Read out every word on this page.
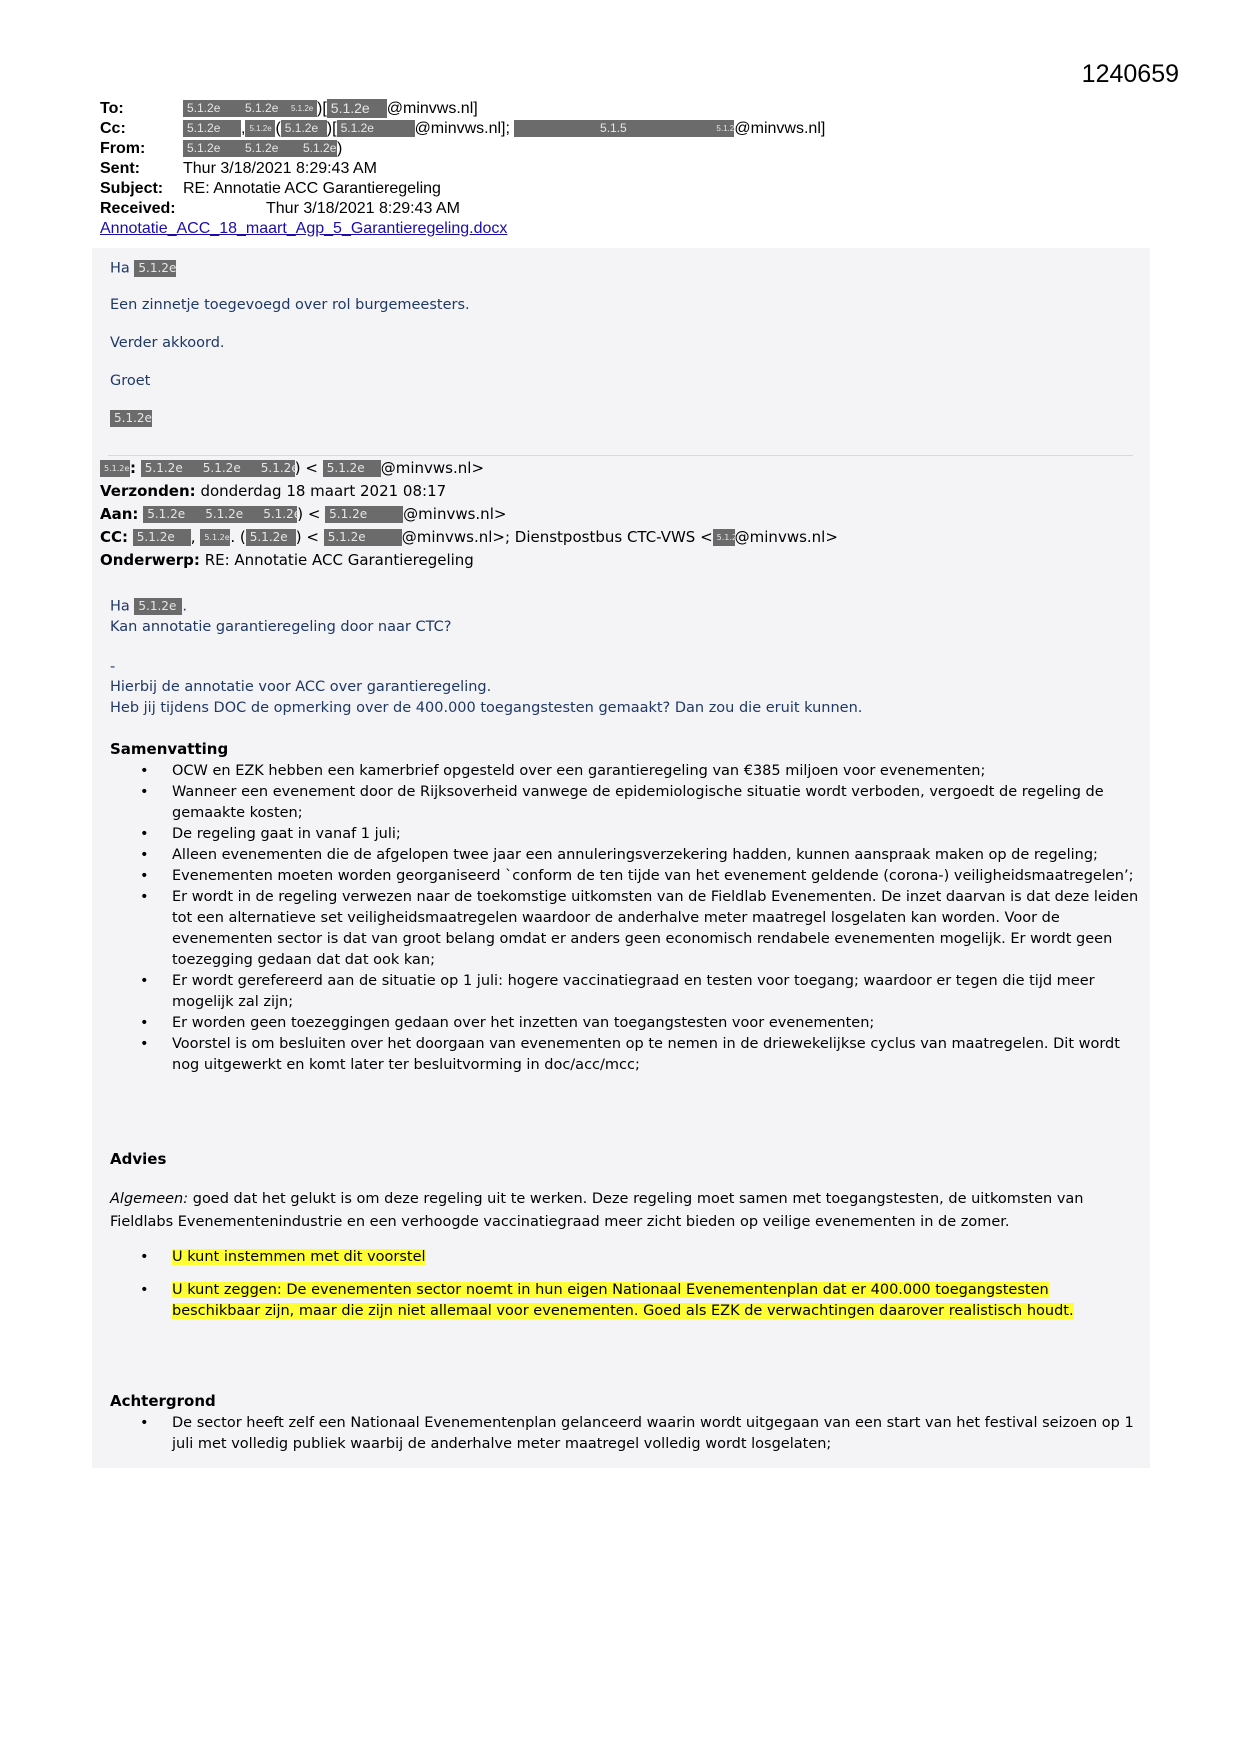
1240659
To:	5.1.2e 5.1.2e 5.1.2e )[ 5.1.2e @minvws.nl]
Cc:	5.1.2e , 5.1.2e ( 5.1.2e )[ 5.1.2e	@minvws.nl];	5.1.5	5.1.2e@minvws.nl]
From:	5.1.2e 5.1.2e 5.1.2e)
Sent:	Thur 3/18/2021 8:29:43 AM
Subject: RE: Annotatie ACC Garantieregeling
Received:	Thur 3/18/2021 8:29:43 AM
Annotatie_ACC_18_maart_Agp_5_Garantieregeling.docx
Ha 5.1.2e
Een zinnetje toegevoegd over rol burgemeesters.
Verder akkoord.
Groet
5.1.2e
5.1.2e: 5.1.2e 5.1.2e 5.1.2e) < 5.1.2e @minvws.nl>
Verzonden: donderdag 18 maart 2021 08:17
Aan: 5.1.2e 5.1.2e 5.1.2e) < 5.1.2e @minvws.nl>
CC: 5.1.2e , 5.1.2e. ( 5.1.2e ) < 5.1.2e @minvws.nl>; Dienstpostbus CTC-VWS < 5.1.2e@minvws.nl>
Onderwerp: RE: Annotatie ACC Garantieregeling
Ha 5.1.2e .
Kan annotatie garantieregeling door naar CTC?
-
Hierbij de annotatie voor ACC over garantieregeling.
Heb jij tijdens DOC de opmerking over de 400.000 toegangstesten gemaakt? Dan zou die eruit kunnen.
Samenvatting
• OCW en EZK hebben een kamerbrief opgesteld over een garantieregeling van €385 miljoen voor evenementen;
• Wanneer een evenement door de Rijksoverheid vanwege de epidemiologische situatie wordt verboden, vergoedt de regeling de gemaakte kosten;
• De regeling gaat in vanaf 1 juli;
• Alleen evenementen die de afgelopen twee jaar een annuleringsverzekering hadden, kunnen aanspraak maken op de regeling;
• Evenementen moeten worden georganiseerd `conform de ten tijde van het evenement geldende (corona-) veiligheidsmaatregelen’;
• Er wordt in de regeling verwezen naar de toekomstige uitkomsten van de Fieldlab Evenementen. De inzet daarvan is dat deze leiden tot een alternatieve set veiligheidsmaatregelen waardoor de anderhalve meter maatregel losgelaten kan worden. Voor de evenementen sector is dat van groot belang omdat er anders geen economisch rendabele evenementen mogelijk. Er wordt geen toezegging gedaan dat dat ook kan;
• Er wordt gerefereerd aan de situatie op 1 juli: hogere vaccinatiegraad en testen voor toegang; waardoor er tegen die tijd meer mogelijk zal zijn;
• Er worden geen toezeggingen gedaan over het inzetten van toegangstesten voor evenementen;
• Voorstel is om besluiten over het doorgaan van evenementen op te nemen in de driewekelijkse cyclus van maatregelen. Dit wordt nog uitgewerkt en komt later ter besluitvorming in doc/acc/mcc;
Advies
Algemeen: goed dat het gelukt is om deze regeling uit te werken. Deze regeling moet samen met toegangstesten, de uitkomsten van Fieldlabs Evenementenindustrie en een verhoogde vaccinatiegraad meer zicht bieden op veilige evenementen in de zomer.
• U kunt instemmen met dit voorstel
• U kunt zeggen: De evenementen sector noemt in hun eigen Nationaal Evenementenplan dat er 400.000 toegangstesten beschikbaar zijn, maar die zijn niet allemaal voor evenementen. Goed als EZK de verwachtingen daarover realistisch houdt.
Achtergrond
• De sector heeft zelf een Nationaal Evenementenplan gelanceerd waarin wordt uitgegaan van een start van het festival seizoen op 1 juli met volledig publiek waarbij de anderhalve meter maatregel volledig wordt losgelaten;
